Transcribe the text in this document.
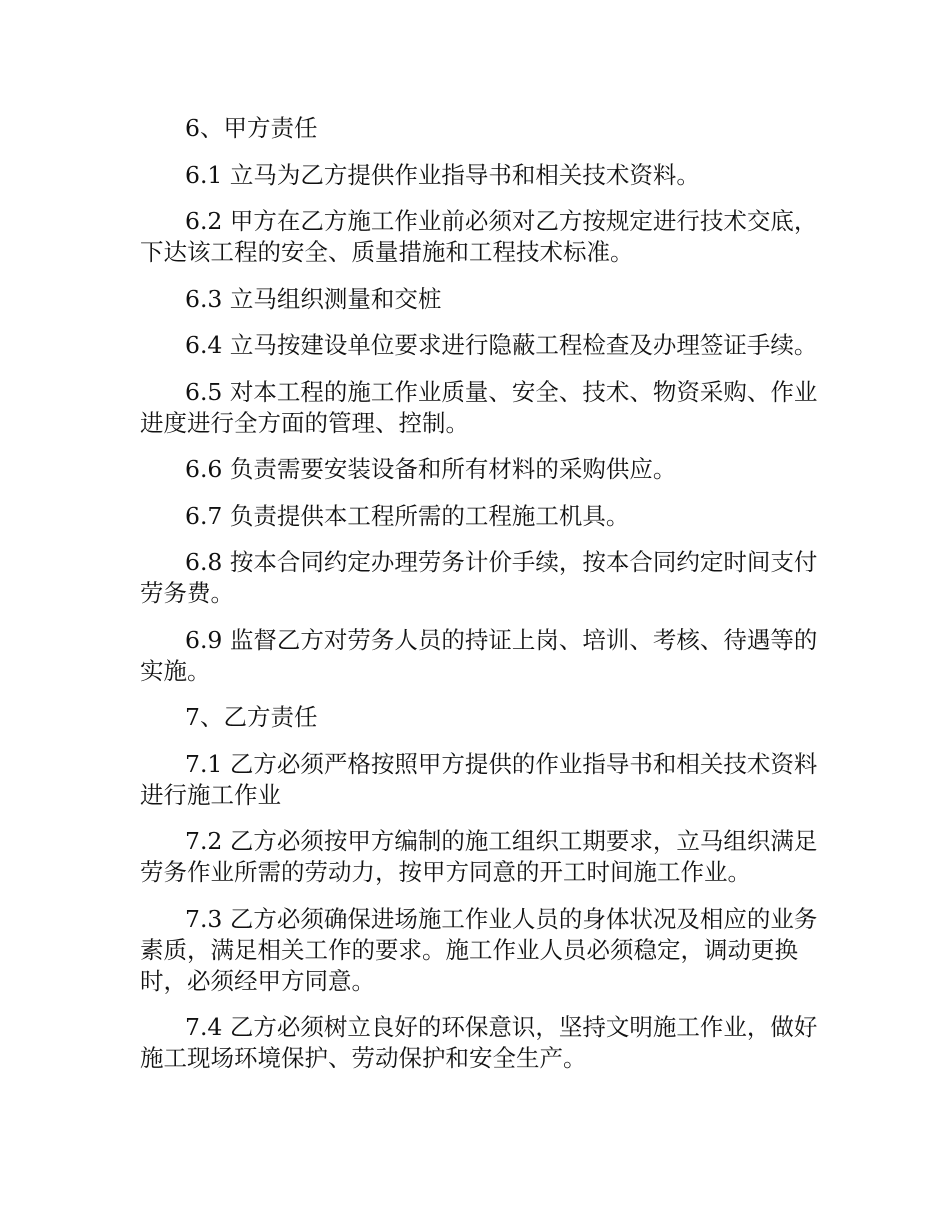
6、甲方责任

6.1 立马为乙方提供作业指导书和相关技术资料。

6.2 甲方在乙方施工作业前必须对乙方按规定进行技术交底，下达该工程的安全、质量措施和工程技术标准。

6.3 立马组织测量和交桩

6.4 立马按建设单位要求进行隐蔽工程检查及办理签证手续。

6.5 对本工程的施工作业质量、安全、技术、物资采购、作业进度进行全方面的管理、控制。

6.6 负责需要安装设备和所有材料的采购供应。

6.7 负责提供本工程所需的工程施工机具。

6.8 按本合同约定办理劳务计价手续，按本合同约定时间支付劳务费。

6.9 监督乙方对劳务人员的持证上岗、培训、考核、待遇等的实施。

7、乙方责任

7.1 乙方必须严格按照甲方提供的作业指导书和相关技术资料进行施工作业

7.2 乙方必须按甲方编制的施工组织工期要求，立马组织满足劳务作业所需的劳动力，按甲方同意的开工时间施工作业。

7.3 乙方必须确保进场施工作业人员的身体状况及相应的业务素质，满足相关工作的要求。施工作业人员必须稳定，调动更换时，必须经甲方同意。

7.4 乙方必须树立良好的环保意识，坚持文明施工作业，做好施工现场环境保护、劳动保护和安全生产。
